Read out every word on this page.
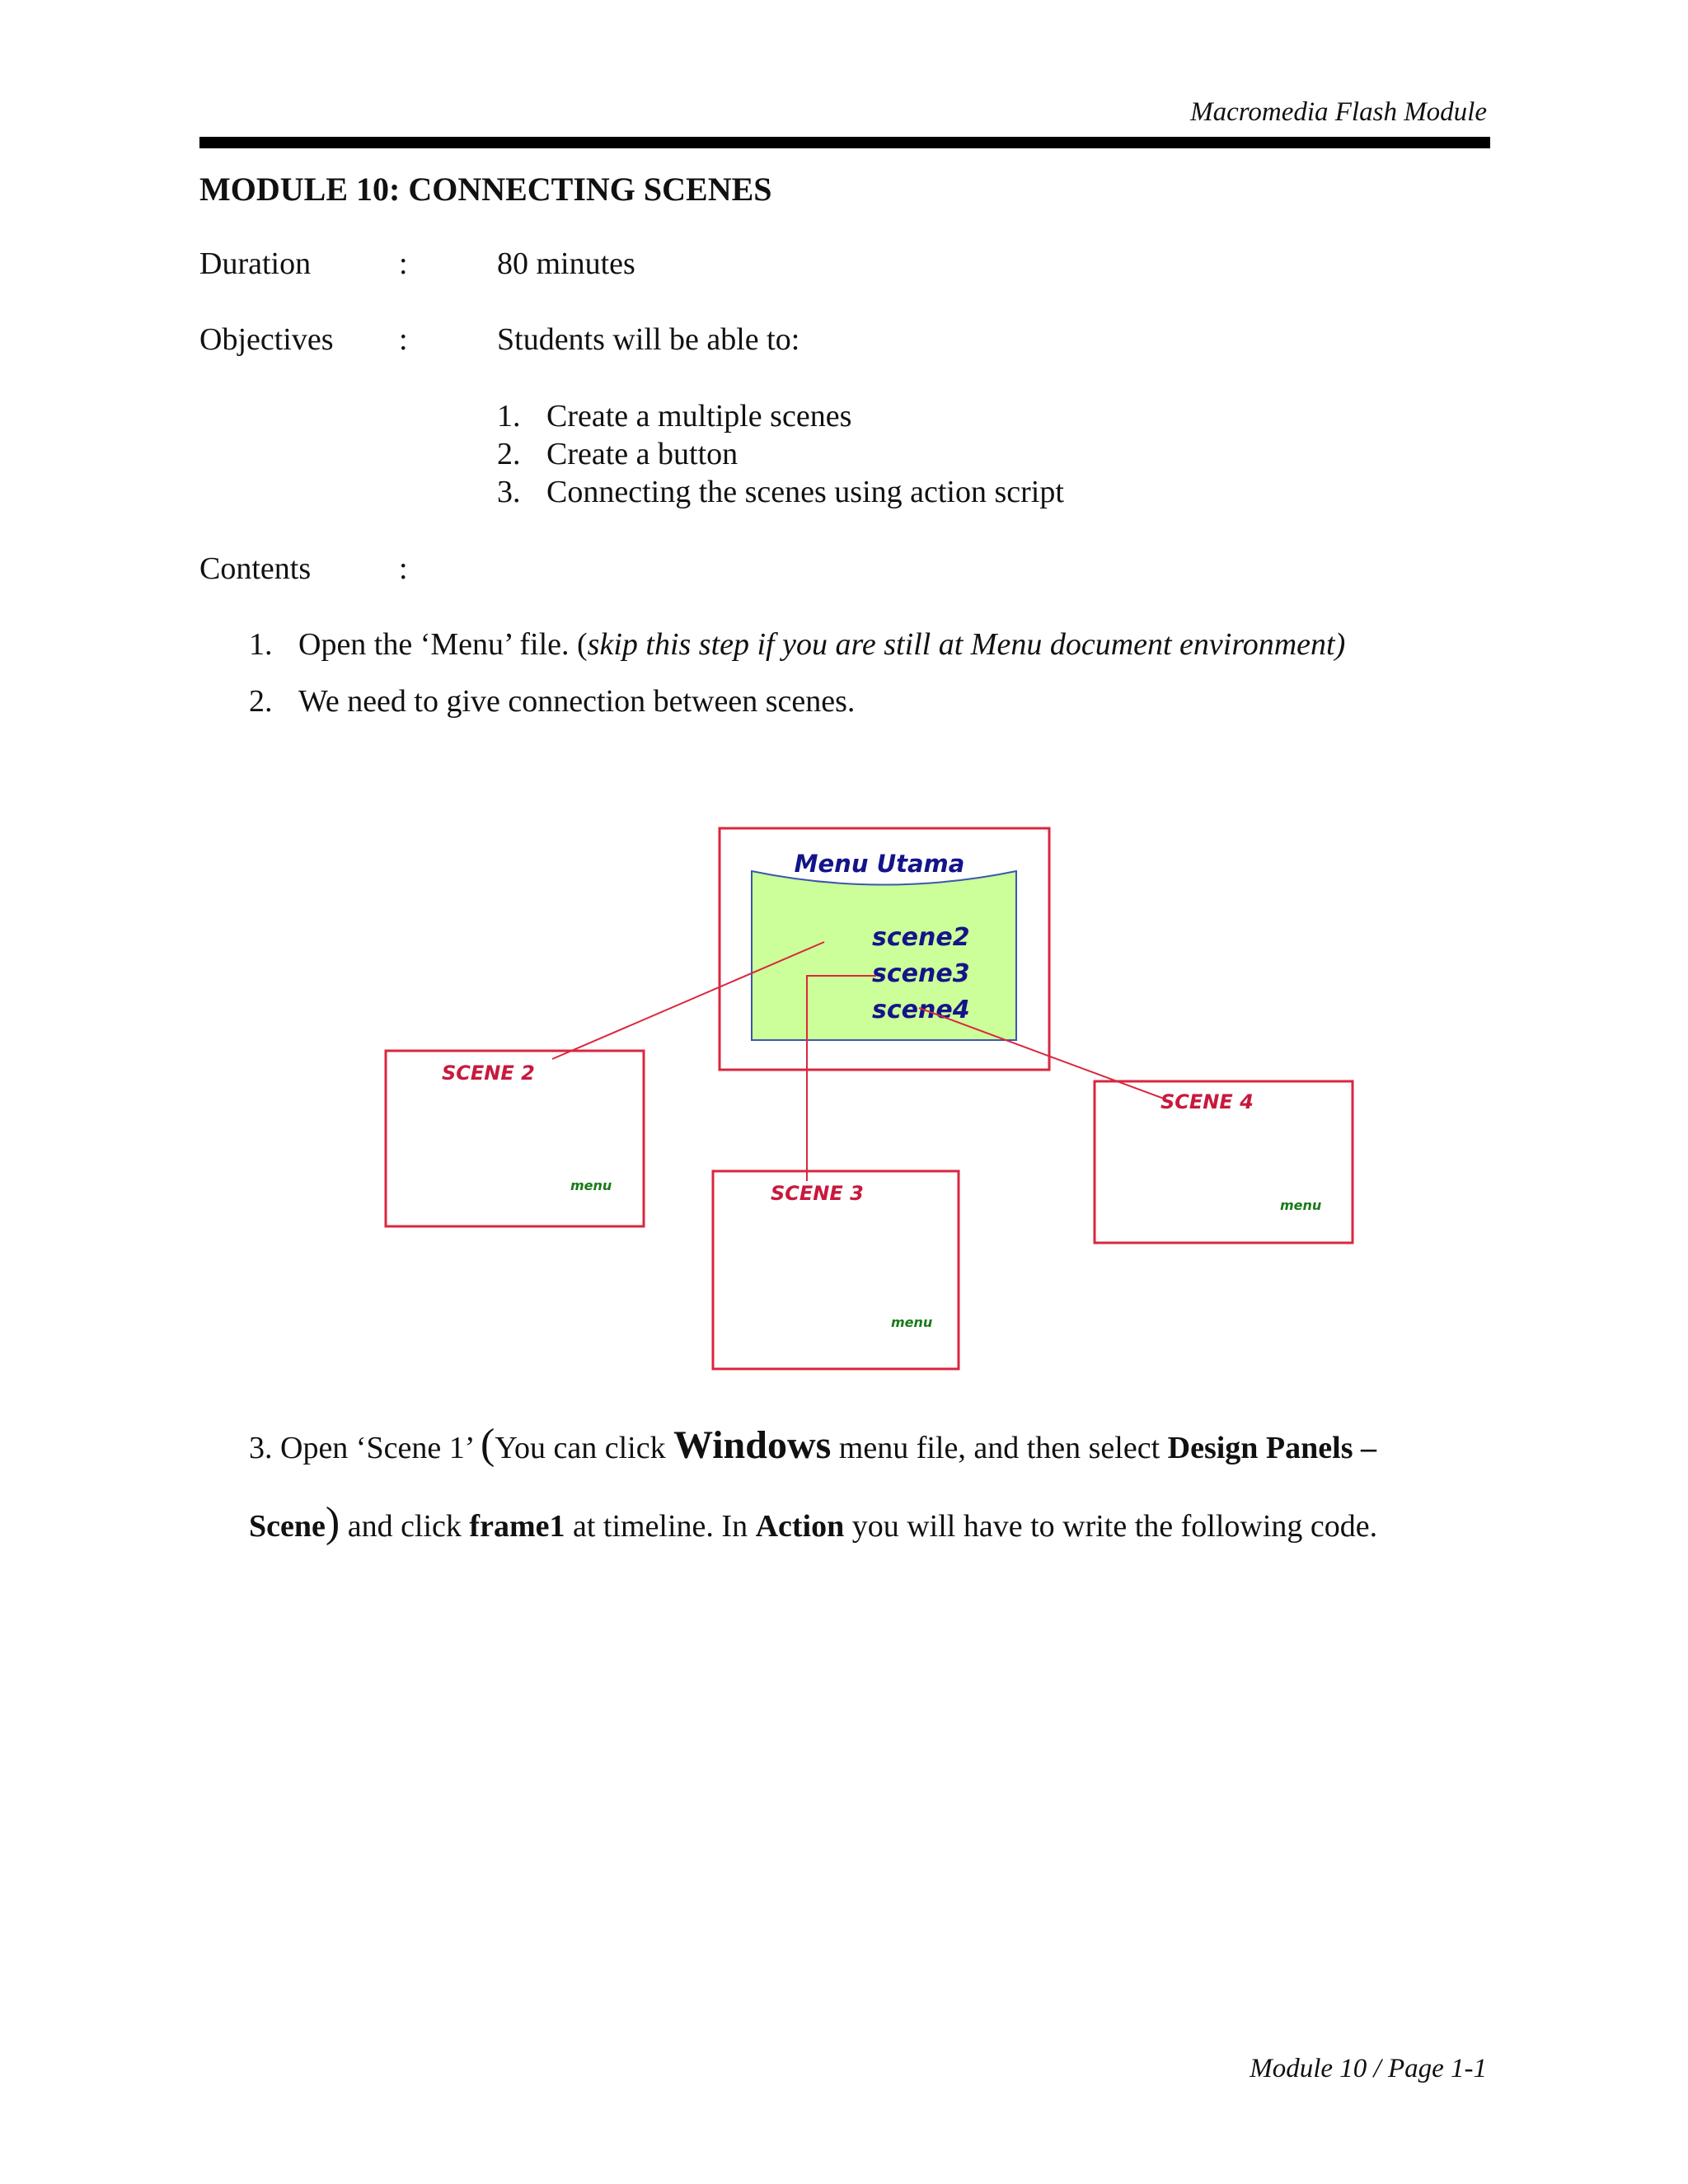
Macromedia Flash Module
MODULE 10: CONNECTING SCENES
Duration	:	80 minutes
Objectives :	Students will be able to:
1. Create a multiple scenes
2. Create a button
3. Connecting the scenes using action script
Contents	:
1. Open the ‘Menu’ file. (skip this step if you are still at Menu document environment)
2. We need to give connection between scenes.
Menu Utama
scene2
scene3
scene4
SCENE 2
menu	SCENE 3
menu
SCENE 4
menu
3. Open ‘Scene 1’ (You can click Windows menu file, and then select Design Panels –
Scene) and click frame1 at timeline. In Action you will have to write the following code.
Module 10 / Page 1-1
